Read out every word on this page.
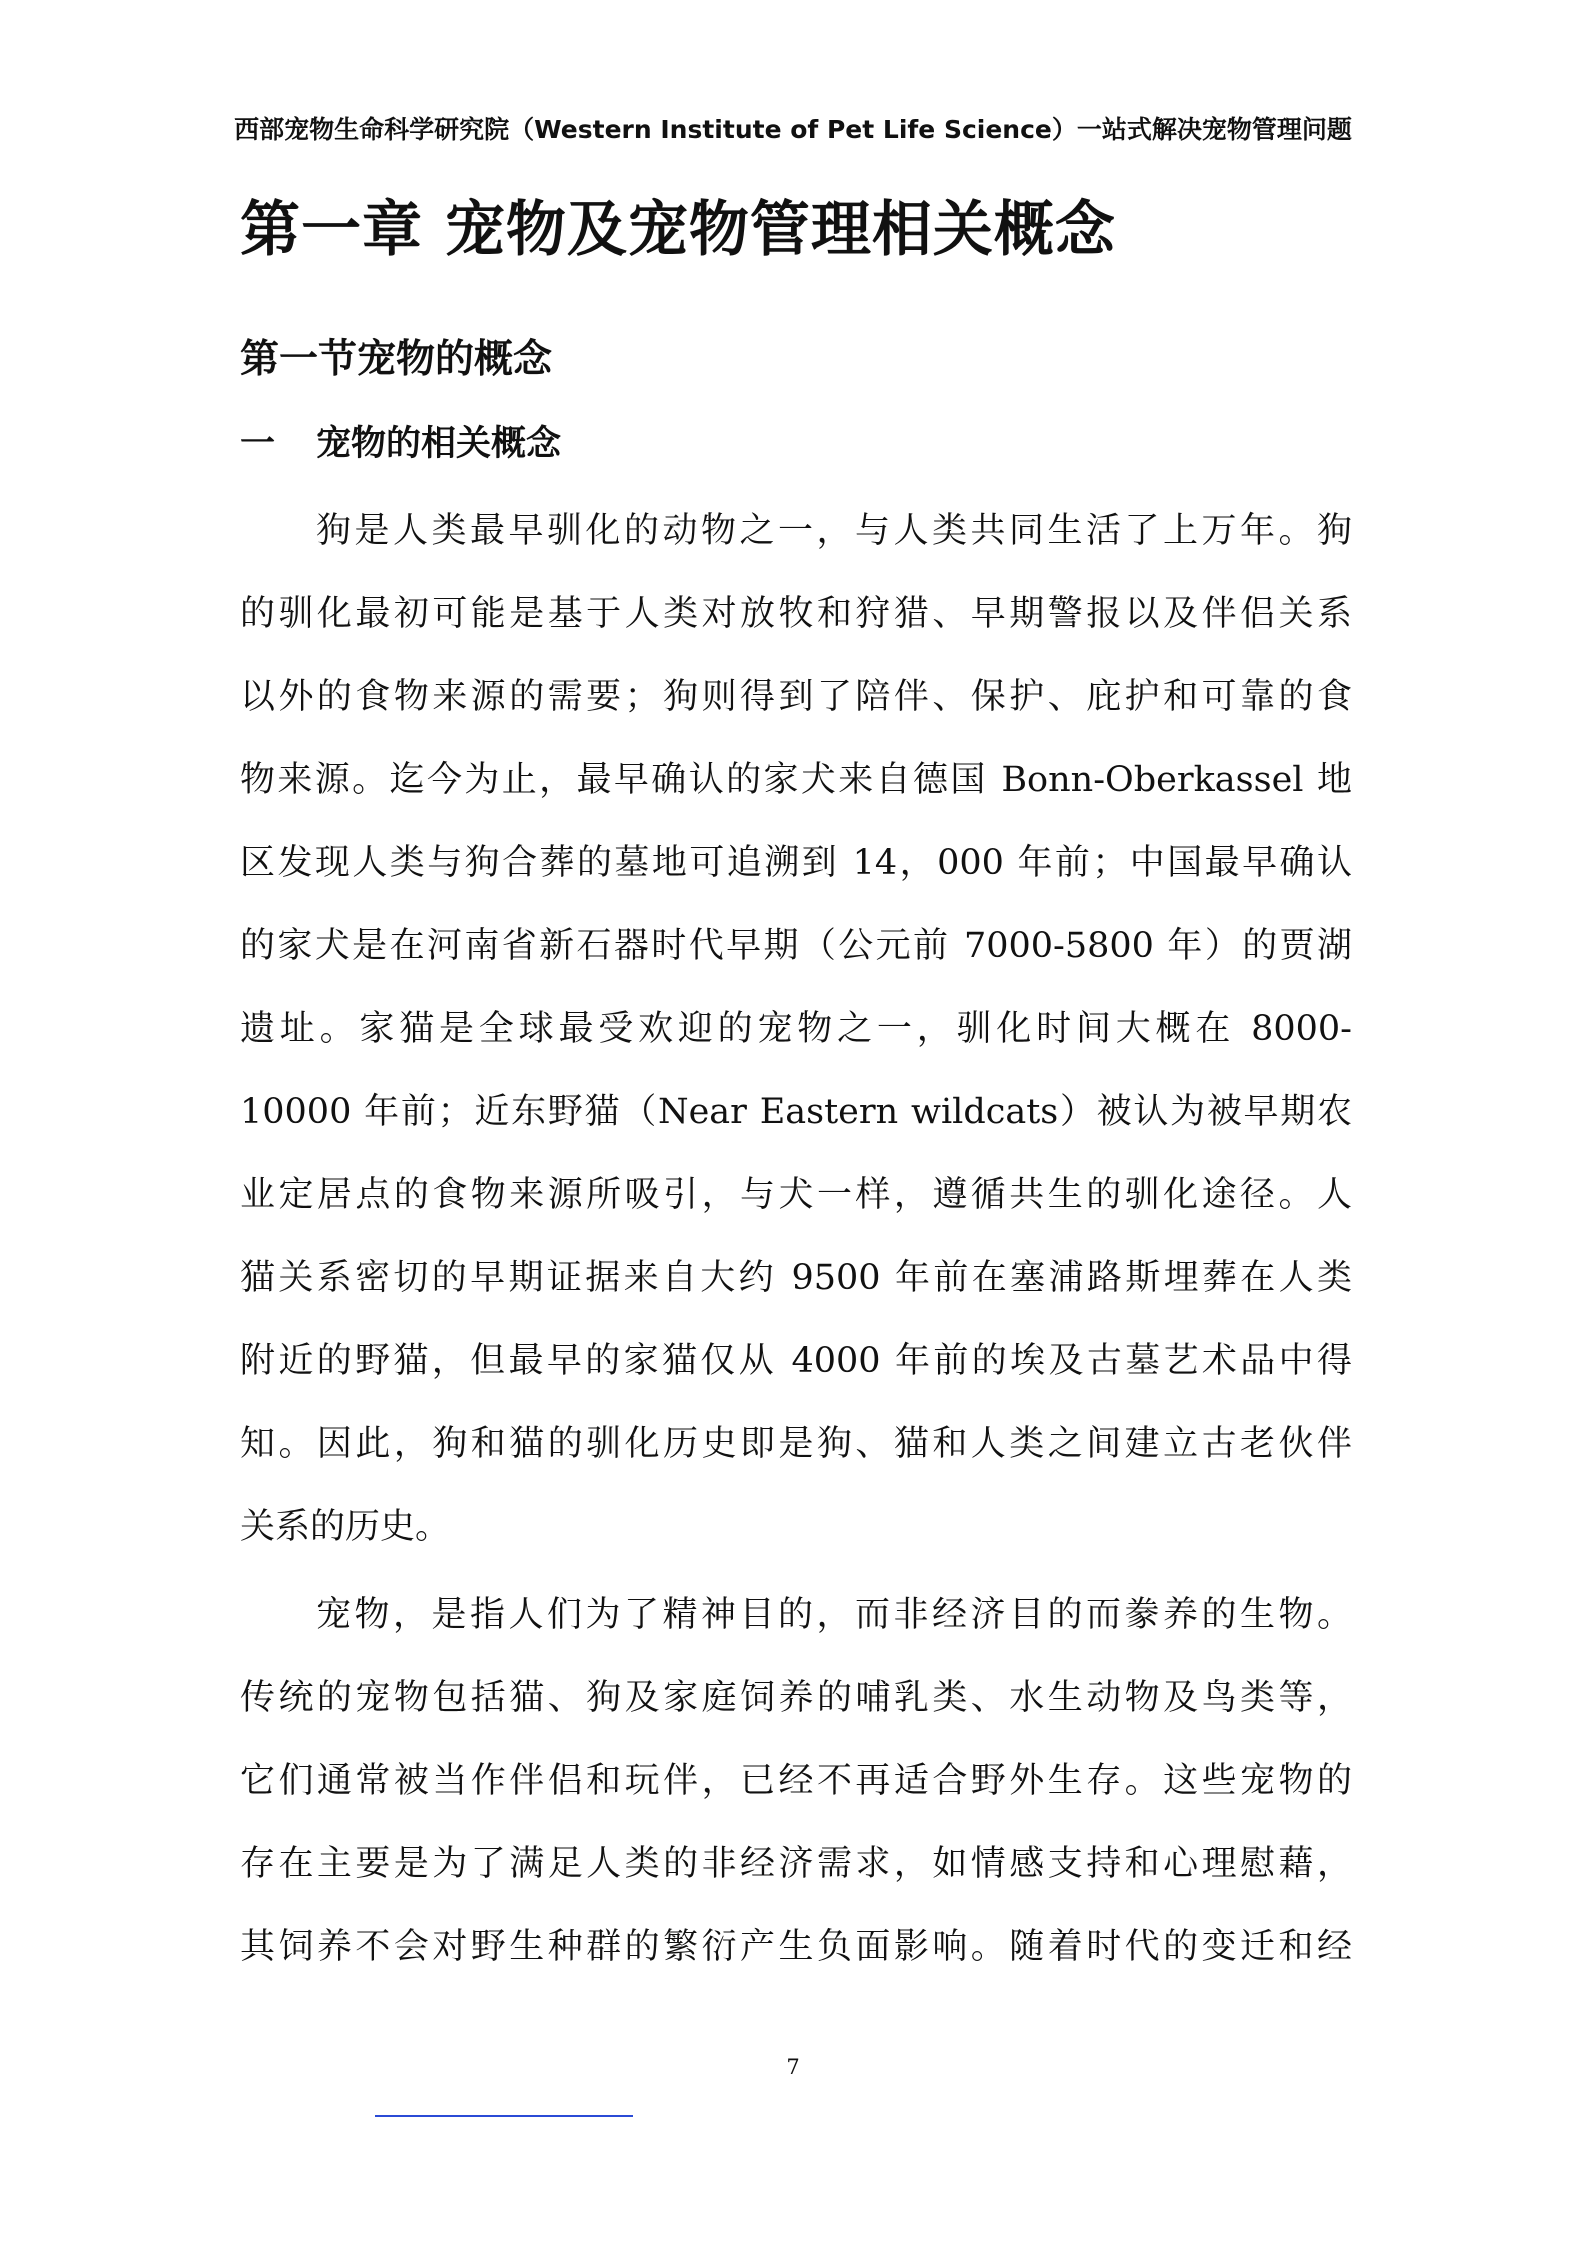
西部宠物生命科学研究院（Western Institute of Pet Life Science）一站式解决宠物管理问题
第一章 宠物及宠物管理相关概念
第一节宠物的概念
一 宠物的相关概念
狗是人类最早驯化的动物之一，与人类共同生活了上万年。狗
的驯化最初可能是基于人类对放牧和狩猎、早期警报以及伴侣关系
以外的食物来源的需要；狗则得到了陪伴、保护、庇护和可靠的食
物来源。迄今为止，最早确认的家犬来自德国 Bonn-Oberkassel 地
区发现人类与狗合葬的墓地可追溯到 14，000 年前；中国最早确认
的家犬是在河南省新石器时代早期（公元前 7000-5800 年）的贾湖
遗址。家猫是全球最受欢迎的宠物之一，驯化时间大概在 8000-
10000 年前；近东野猫（Near Eastern wildcats）被认为被早期农
业定居点的食物来源所吸引，与犬一样，遵循共生的驯化途径。人
猫关系密切的早期证据来自大约 9500 年前在塞浦路斯埋葬在人类
附近的野猫，但最早的家猫仅从 4000 年前的埃及古墓艺术品中得
知。因此，狗和猫的驯化历史即是狗、猫和人类之间建立古老伙伴
关系的历史。
宠物，是指人们为了精神目的，而非经济目的而豢养的生物。
传统的宠物包括猫、狗及家庭饲养的哺乳类、水生动物及鸟类等，
它们通常被当作伴侣和玩伴，已经不再适合野外生存。这些宠物的
存在主要是为了满足人类的非经济需求，如情感支持和心理慰藉，
其饲养不会对野生种群的繁衍产生负面影响。随着时代的变迁和经
7
